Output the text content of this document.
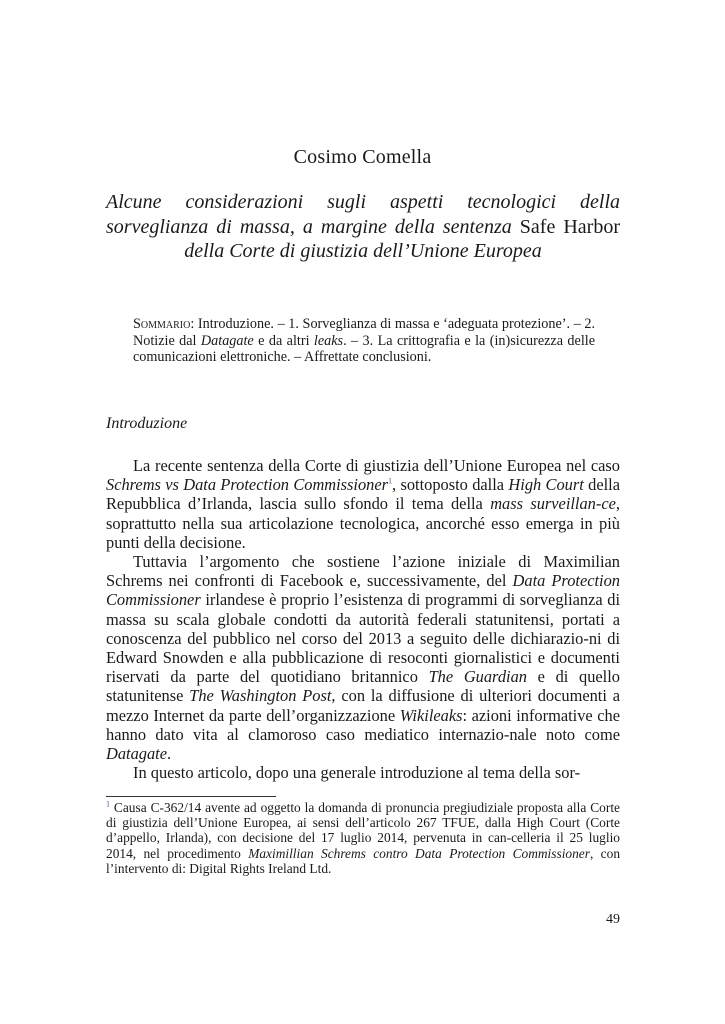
Cosimo Comella
Alcune considerazioni sugli aspetti tecnologici della sorveglianza di massa, a margine della sentenza Safe Harbor della Corte di giustizia dell’Unione Europea
Sommario: Introduzione. – 1. Sorveglianza di massa e ‘adeguata protezione’. – 2. Notizie dal Datagate e da altri leaks. – 3. La crittografia e la (in)sicurezza delle comunicazioni elettroniche. – Affrettate conclusioni.
Introduzione

La recente sentenza della Corte di giustizia dell’Unione Europea nel caso Schrems vs Data Protection Commissioner$^1$, sottoposto dalla High Court della Repubblica d’Irlanda, lascia sullo sfondo il tema della mass surveillan-ce, soprattutto nella sua articolazione tecnologica, ancorché esso emerga in più punti della decisione.

Tuttavia l’argomento che sostiene l’azione iniziale di Maximilian Schrems nei confronti di Facebook e, successivamente, del Data Protection Commissioner irlandese è proprio l’esistenza di programmi di sorveglianza di massa su scala globale condotti da autorità federali statunitensi, portati a conoscenza del pubblico nel corso del 2013 a seguito delle dichiarazio-ni di Edward Snowden e alla pubblicazione di resoconti giornalistici e documenti riservati da parte del quotidiano britannico The Guardian e di quello statunitense The Washington Post, con la diffusione di ulteriori documenti a mezzo Internet da parte dell’organizzazione Wikileaks: azioni informative che hanno dato vita al clamoroso caso mediatico internazio-nale noto come Datagate.

In questo articolo, dopo una generale introduzione al tema della sor-

$^1$ Causa C-362/14 avente ad oggetto la domanda di pronuncia pregiudiziale proposta alla Corte di giustizia dell’Unione Europea, ai sensi dell’articolo 267 TFUE, dalla High Court (Corte d’appello, Irlanda), con decisione del 17 luglio 2014, pervenuta in can-celleria il 25 luglio 2014, nel procedimento Maximillian Schrems contro Data Protection Commissioner, con l’intervento di: Digital Rights Ireland Ltd.
49
